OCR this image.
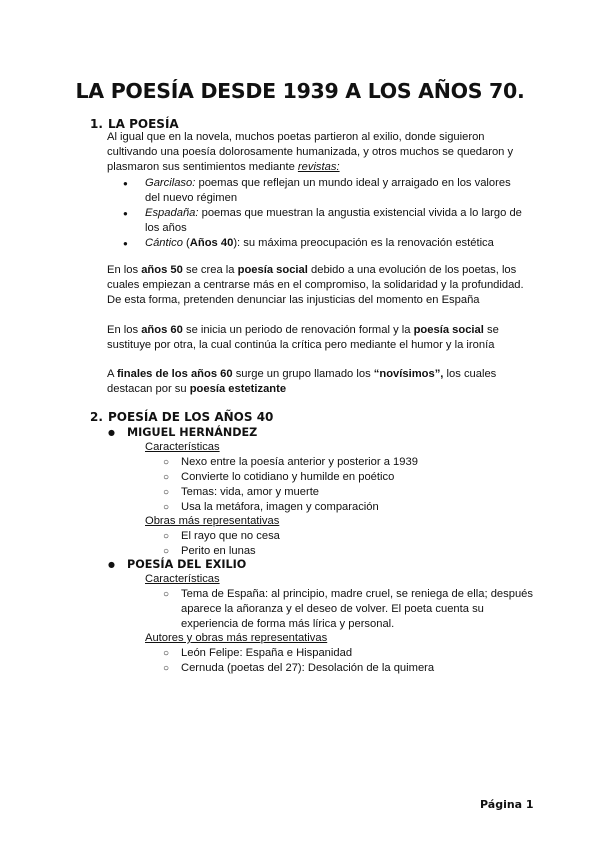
LA POESÍA DESDE 1939 A LOS AÑOS 70.

1. LA POESÍA

Al igual que en la novela, muchos poetas partieron al exilio, donde siguieron cultivando una poesía dolorosamente humanizada, y otros muchos se quedaron y plasmaron sus sentimientos mediante revistas:

● Garcilaso: poemas que reflejan un mundo ideal y arraigado en los valores del nuevo régimen
● Espadaña: poemas que muestran la angustia existencial vivida a lo largo de los años
● Cántico (Años 40): su máxima preocupación es la renovación estética

En los años 50 se crea la poesía social debido a una evolución de los poetas, los cuales empiezan a centrarse más en el compromiso, la solidaridad y la profundidad. De esta forma, pretenden denunciar las injusticias del momento en España

En los años 60 se inicia un periodo de renovación formal y la poesía social se sustituye por otra, la cual continúa la crítica pero mediante el humor y la ironía

A finales de los años 60 surge un grupo llamado los “novísimos”, los cuales destacan por su poesía estetizante

2. POESÍA DE LOS AÑOS 40

● MIGUEL HERNÁNDEZ

Características

○ Nexo entre la poesía anterior y posterior a 1939
○ Convierte lo cotidiano y humilde en poético
○ Temas: vida, amor y muerte
○ Usa la metáfora, imagen y comparación

Obras más representativas

○ El rayo que no cesa
○ Perito en lunas

● POESÍA DEL EXILIO

Características

○ Tema de España: al principio, madre cruel, se reniega de ella; después aparece la añoranza y el deseo de volver. El poeta cuenta su experiencia de forma más lírica y personal.

Autores y obras más representativas

○ León Felipe: España e Hispanidad
○ Cernuda (poetas del 27): Desolación de la quimera

Página 1
